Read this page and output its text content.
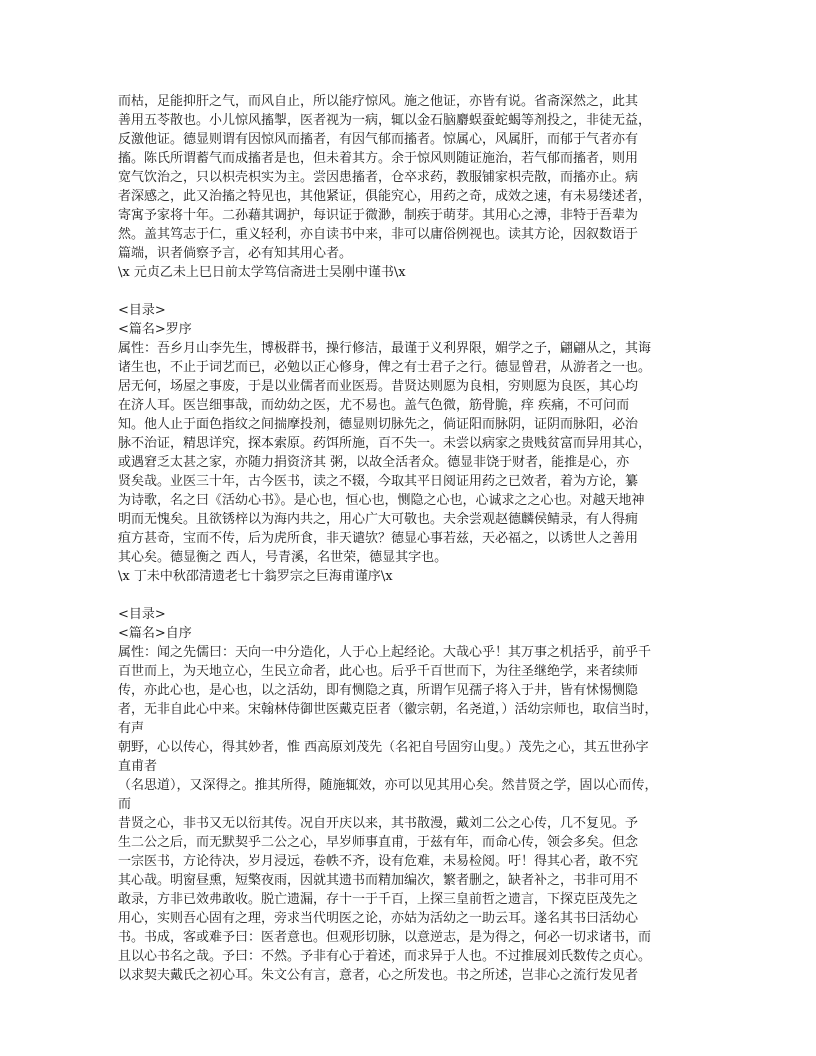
而枯，足能抑肝之气，而风自止，所以能疗惊风。施之他证，亦皆有说。省斋深然之，此其
善用五苓散也。小儿惊风搐掣，医者视为一病，辄以金石脑麝蜈蚕蛇蝎等剂投之，非徒无益，
反激他证。德显则谓有因惊风而搐者，有因气郁而搐者。惊属心，风属肝，而郁于气者亦有
搐。陈氏所谓蓄气而成搐者是也，但未着其方。余于惊风则随证施治，若气郁而搐者，则用
宽气饮治之，只以枳壳枳实为主。尝因患搐者，仓卒求药，教服铺家枳壳散，而搐亦止。病
者深感之，此又治搐之特见也，其他紧证，俱能究心，用药之奇，成效之速，有未易缕述者，
寄寓予家将十年。二孙藉其调护，每识证于微渺，制疾于萌芽。其用心之溥，非特于吾辈为
然。盖其笃志于仁，重义轻利，亦自读书中来，非可以庸俗例视也。读其方论，因叙数语于
篇端，识者倘察予言，必有知其用心者。
\x 元贞乙未上巳日前太学笃信斋进士吴刚中谨书\x
<目录>
<篇名>罗序
属性：吾乡月山李先生，博极群书，操行修洁，最谨于义利界限，媚学之子，翩翩从之，其诲
诸生也，不止于词艺而已，必勉以正心修身，俾之有士君子之行。德显曾君，从游者之一也。
居无何，场屋之事废，于是以业儒者而业医焉。昔贤达则愿为良相，穷则愿为良医，其心均
在济人耳。医岂细事哉，而幼幼之医，尤不易也。盖气色微，筋骨脆，痒 疾痛，不可问而
知。他人止于面色指纹之间揣摩投剂，德显则切脉先之，倘证阳而脉阴，证阴而脉阳，必治
脉不治证，精思详究，探本索原。药饵所施，百不失一。未尝以病家之贵贱贫富而异用其心，
或遇窘乏太甚之家，亦随力捐资济其 粥，以故全活者众。德显非饶于财者，能推是心，亦
贤矣哉。业医三十年，古今医书，读之不辍，今取其平日阅证用药之已效者，着为方论，纂
为诗歌，名之曰《活幼心书》。是心也，恒心也，恻隐之心也，心诚求之之心也。对越天地神
明而无愧矣。且欲锈梓以为海内共之，用心广大可敬也。夫余尝观赵德麟侯鲭录，有人得痈
疽方甚奇，宝而不传，后为虎所食，非天谴欤？德显心事若兹，天必福之，以诱世人之善用
其心矣。德显衡之 西人，号青溪，名世荣，德显其字也。
\x 丁未中秋邵清遗老七十翁罗宗之巨海甫谨序\x
<目录>
<篇名>自序
属性：闻之先儒曰：天向一中分造化，人于心上起经论。大哉心乎！其万事之机括乎，前乎千
百世而上，为天地立心，生民立命者，此心也。后乎千百世而下，为往圣继绝学，来者续师
传，亦此心也，是心也，以之活幼，即有恻隐之真，所谓乍见孺子将入于井，皆有怵惕恻隐
者，无非自此心中来。宋翰林侍御世医戴克臣者（徽宗朝，名尧道，）活幼宗师也，取信当时，
有声
朝野，心以传心，得其妙者，惟 西高原刘茂先（名祀自号固穷山叟。）茂先之心，其五世孙字
直甫者
（名思道），又深得之。推其所得，随施辄效，亦可以见其用心矣。然昔贤之学，固以心而传，
而
昔贤之心，非书又无以衍其传。况自开庆以来，其书散漫，戴刘二公之心传，几不复见。予
生二公之后，而无默契乎二公之心，早岁师事直甫，于兹有年，而命心传，领会多矣。但念
一宗医书，方论待决，岁月浸远，卷帙不齐，设有危难，未易检阅。吁！得其心者，敢不究
其心哉。明窗昼熏，短檠夜雨，因就其遗书而精加编次，繁者删之，缺者补之，书非可用不
敢录，方非已效弗敢收。脱亡遗漏，存十一于千百，上探三皇前哲之遗言，下探克臣茂先之
用心，实则吾心固有之理，旁求当代明医之论，亦姑为活幼之一助云耳。遂名其书曰活幼心
书。书成，客或难予曰：医者意也。但观形切脉，以意逆志，是为得之，何必一切求诸书，而
且以心书名之哉。予曰：不然。予非有心于着述，而求异于人也。不过推展刘氏数传之贞心。
以求契夫戴氏之初心耳。朱文公有言，意者，心之所发也。书之所述，岂非心之流行发见者
